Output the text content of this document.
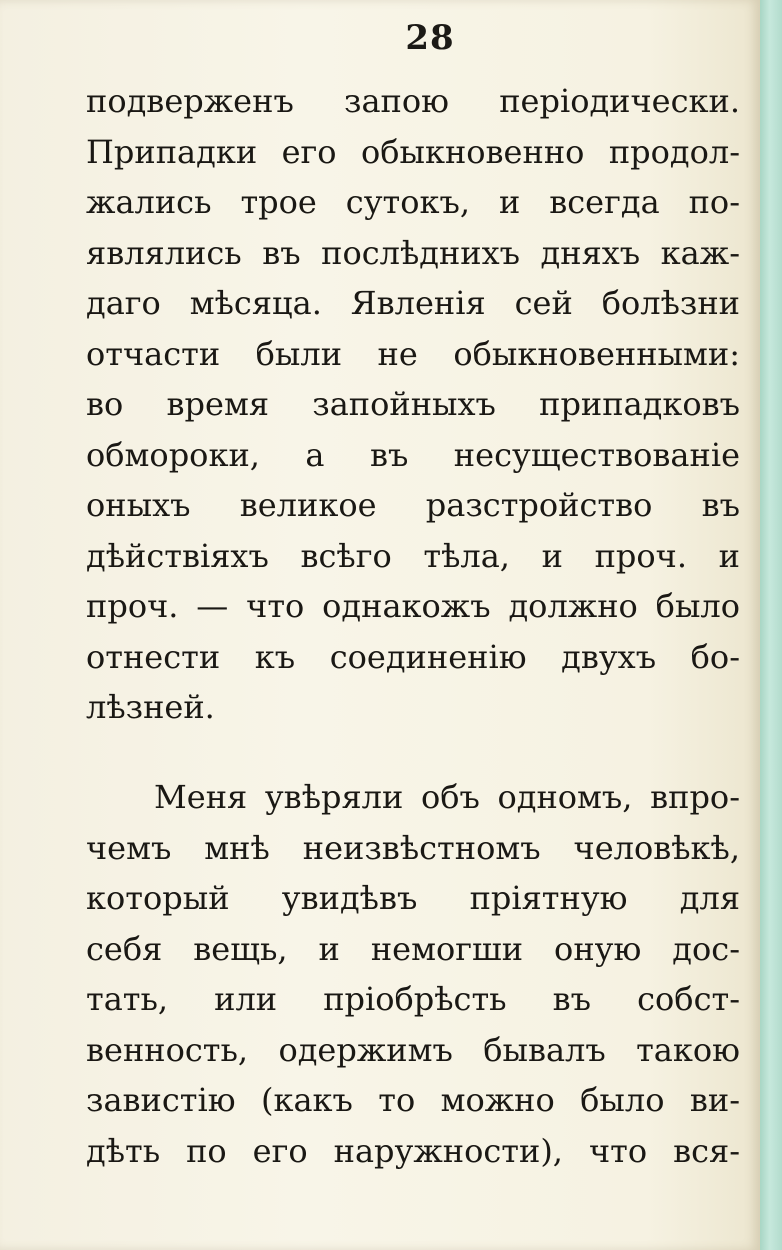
28
подверженъ запою періодически.
Припадки его обыкновенно продол-
жались трое сутокъ, и всегда по-
являлись въ послѣднихъ дняхъ каж-
даго мѣсяца. Явленія сей болѣзни
отчасти были не обыкновенными:
во время запойныхъ припадковъ
обмороки, а въ несуществованіе
оныхъ великое разстройство въ
дѣйствіяхъ всѣго тѣла, и проч. и
проч. — что однакожъ должно было
отнести къ соединенію двухъ бо-
лѣзней.
Меня увѣряли объ одномъ, впро-
чемъ мнѣ неизвѣстномъ человѣкѣ,
который увидѣвъ пріятную для
себя вещь, и немогши оную дос-
тать, или пріобрѣсть въ собст-
венность, одержимъ бывалъ такою
завистію (какъ то можно было ви-
дѣть по его наружности), что вся-
